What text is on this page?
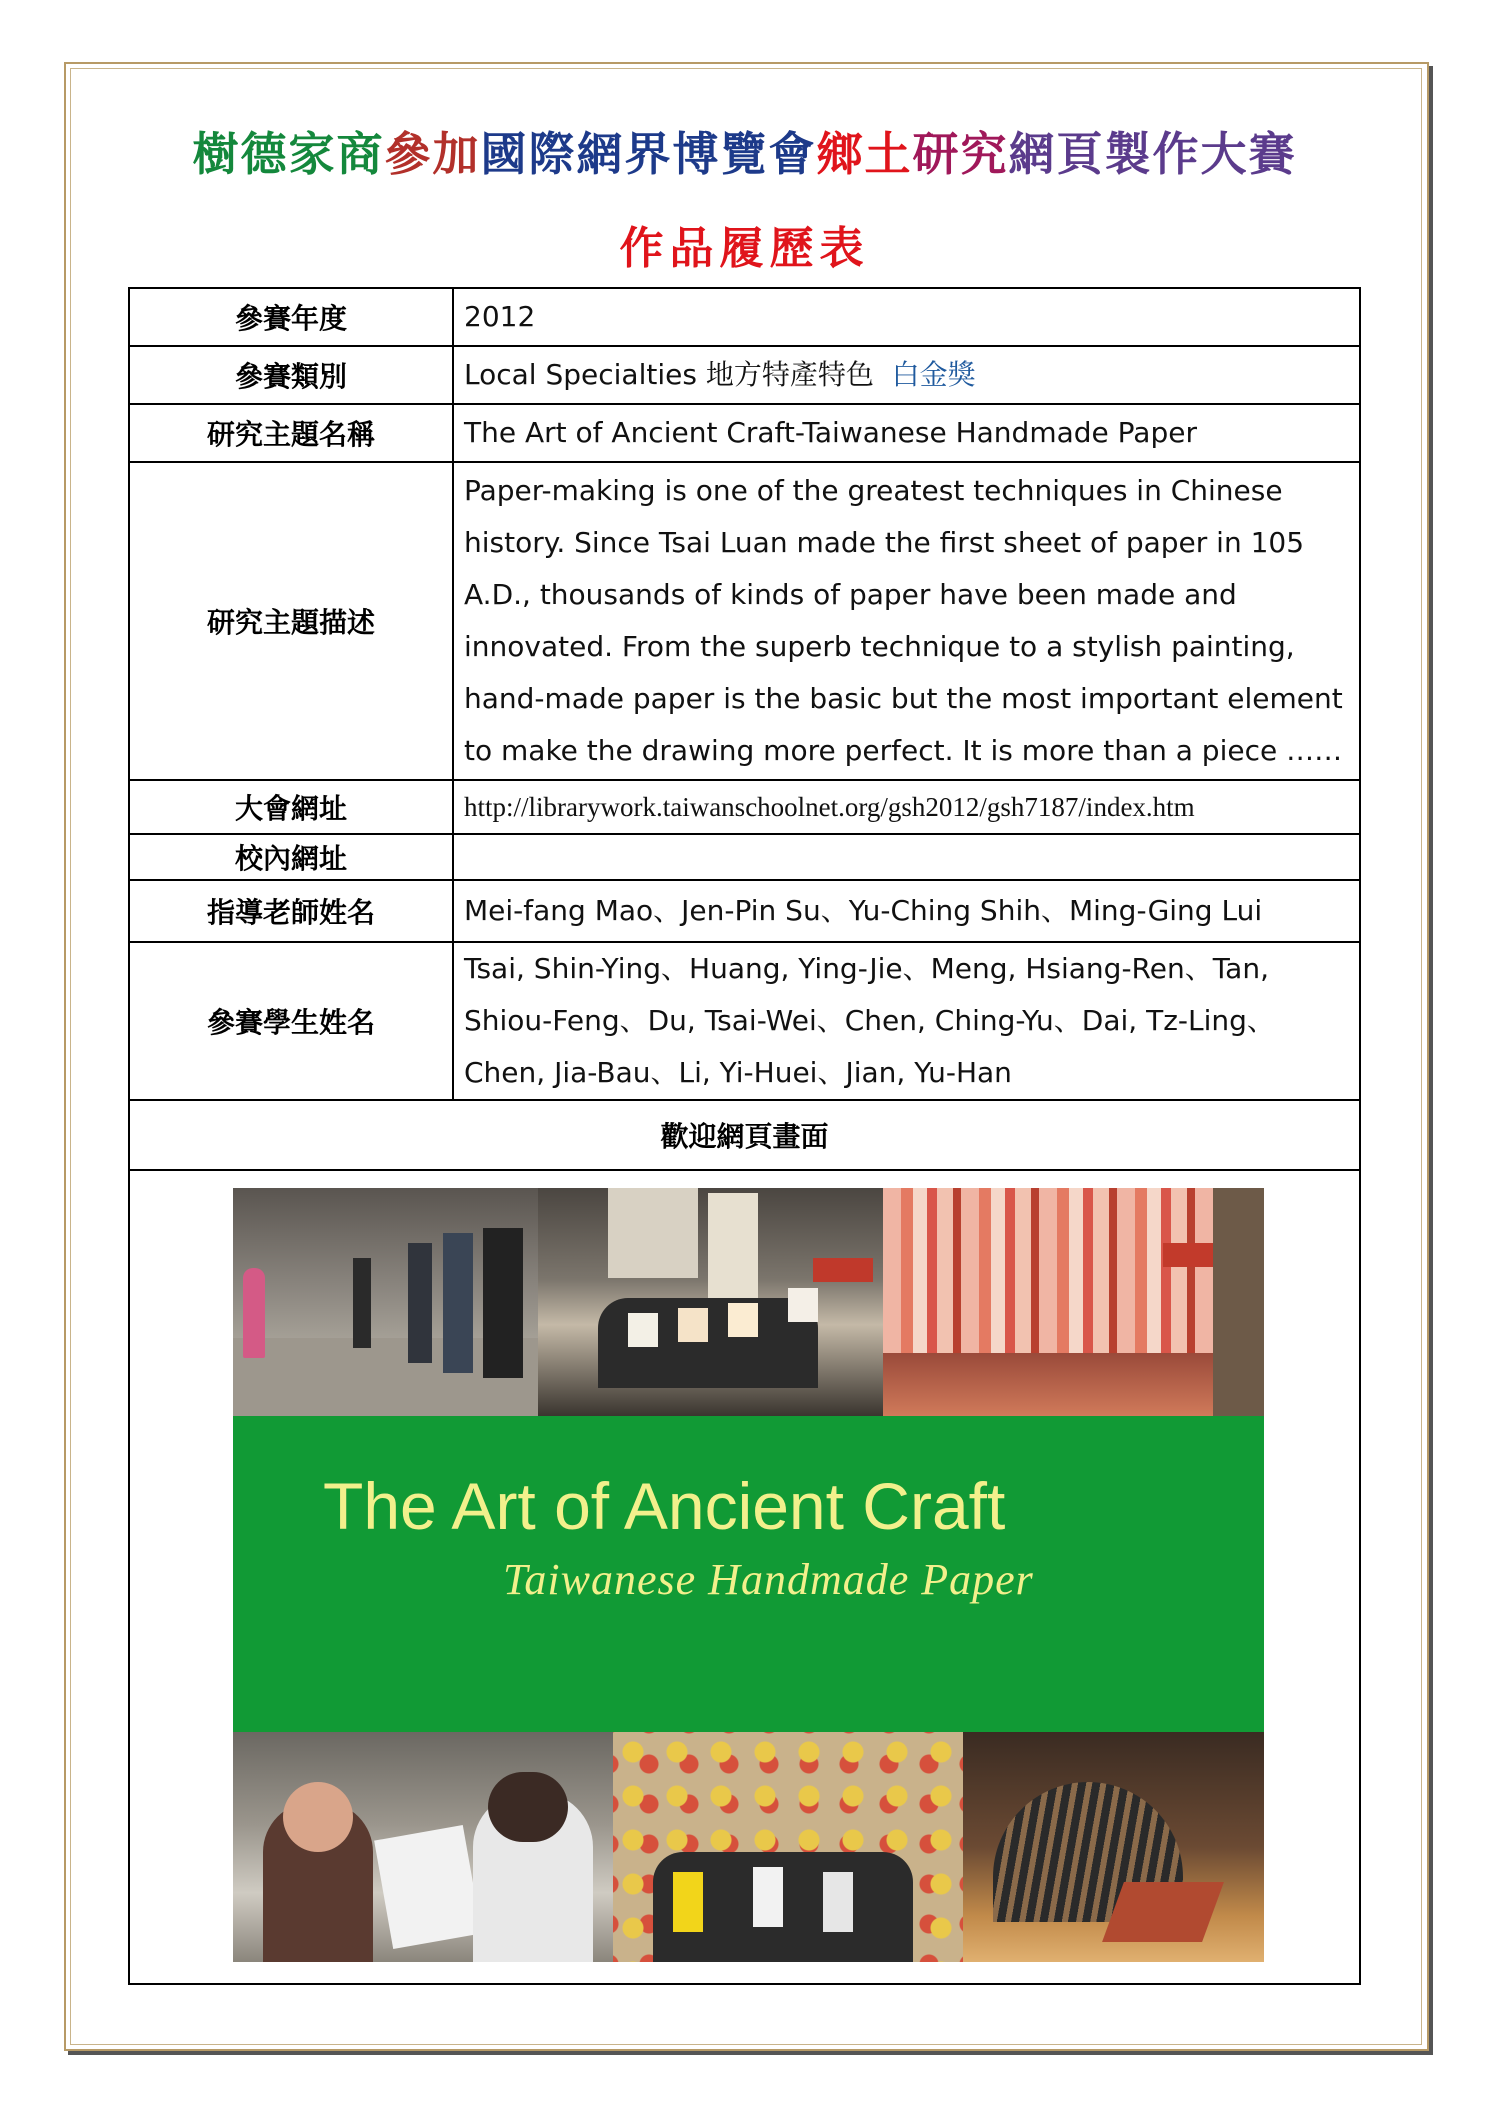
樹德家商參加國際網界博覽會鄉土研究網頁製作大賽
作品履歷表
參賽年度	2012
參賽類別	Local Specialties 地方特產特色 白金獎
研究主題名稱	The Art of Ancient Craft-Taiwanese Handmade Paper
研究主題描述	Paper-making is one of the greatest techniques in Chinese history. Since Tsai Luan made the first sheet of paper in 105 A.D., thousands of kinds of paper have been made and innovated. From the superb technique to a stylish painting, hand-made paper is the basic but the most important element to make the drawing more perfect. It is more than a piece ……
大會網址	http://librarywork.taiwanschoolnet.org/gsh2012/gsh7187/index.htm
校內網址	
指導老師姓名	Mei-fang Mao、Jen-Pin Su、Yu-Ching Shih、Ming-Ging Lui
參賽學生姓名	Tsai, Shin-Ying、Huang, Ying-Jie、Meng, Hsiang-Ren、Tan, Shiou-Feng、Du, Tsai-Wei、Chen, Ching-Yu、Dai, Tz-Ling、Chen, Jia-Bau、Li, Yi-Huei、Jian, Yu-Han
歡迎網頁畫面	

The Art of Ancient Craft
Taiwanese Handmade Paper	
